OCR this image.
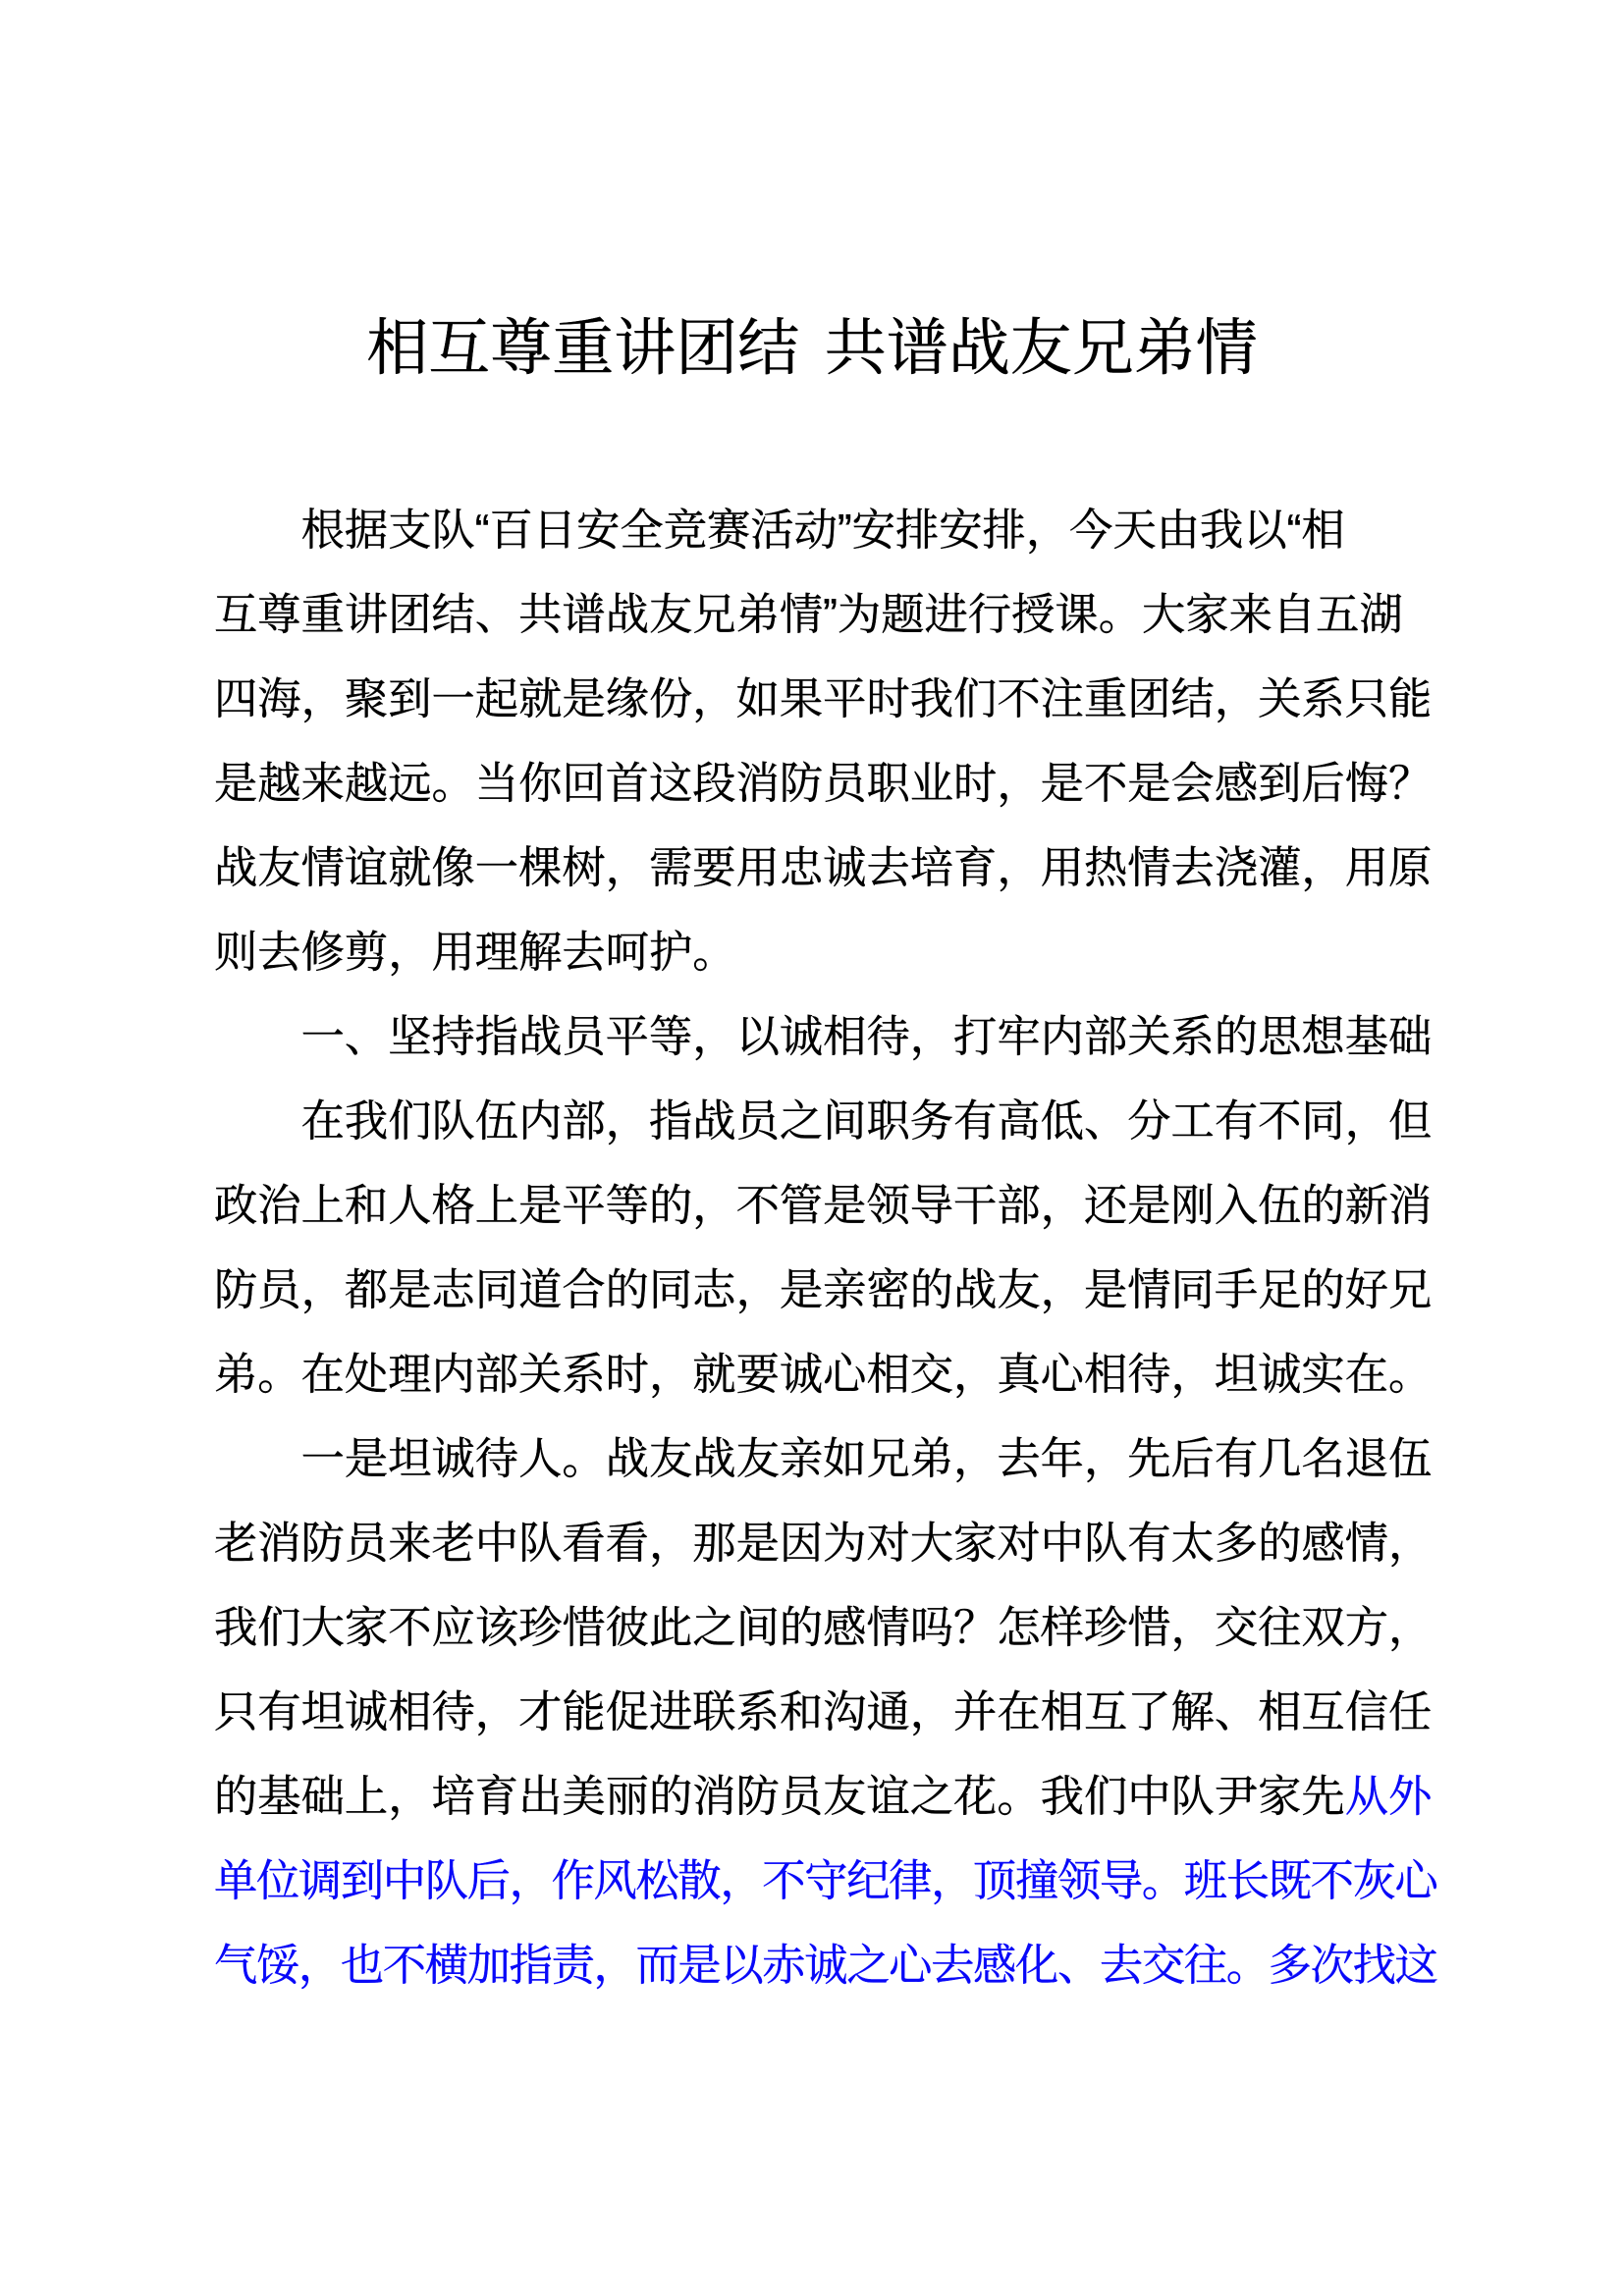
相互尊重讲团结 共谱战友兄弟情
根据支队“百日安全竞赛活动”安排安排，今天由我以“相
互尊重讲团结、共谱战友兄弟情”为题进行授课。大家来自五湖
四海，聚到一起就是缘份，如果平时我们不注重团结，关系只能
是越来越远。当你回首这段消防员职业时，是不是会感到后悔？
战友情谊就像一棵树，需要用忠诚去培育，用热情去浇灌，用原
则去修剪，用理解去呵护。
一、坚持指战员平等，以诚相待，打牢内部关系的思想基础
在我们队伍内部，指战员之间职务有高低、分工有不同，但
政治上和人格上是平等的，不管是领导干部，还是刚入伍的新消
防员，都是志同道合的同志，是亲密的战友，是情同手足的好兄
弟。在处理内部关系时，就要诚心相交，真心相待，坦诚实在。
一是坦诚待人。战友战友亲如兄弟，去年，先后有几名退伍
老消防员来老中队看看，那是因为对大家对中队有太多的感情，
我们大家不应该珍惜彼此之间的感情吗？怎样珍惜，交往双方，
只有坦诚相待，才能促进联系和沟通，并在相互了解、相互信任
的基础上，培育出美丽的消防员友谊之花。我们中队尹家先从外
单位调到中队后，作风松散，不守纪律，顶撞领导。班长既不灰心
气馁，也不横加指责，而是以赤诚之心去感化、去交往。多次找这
